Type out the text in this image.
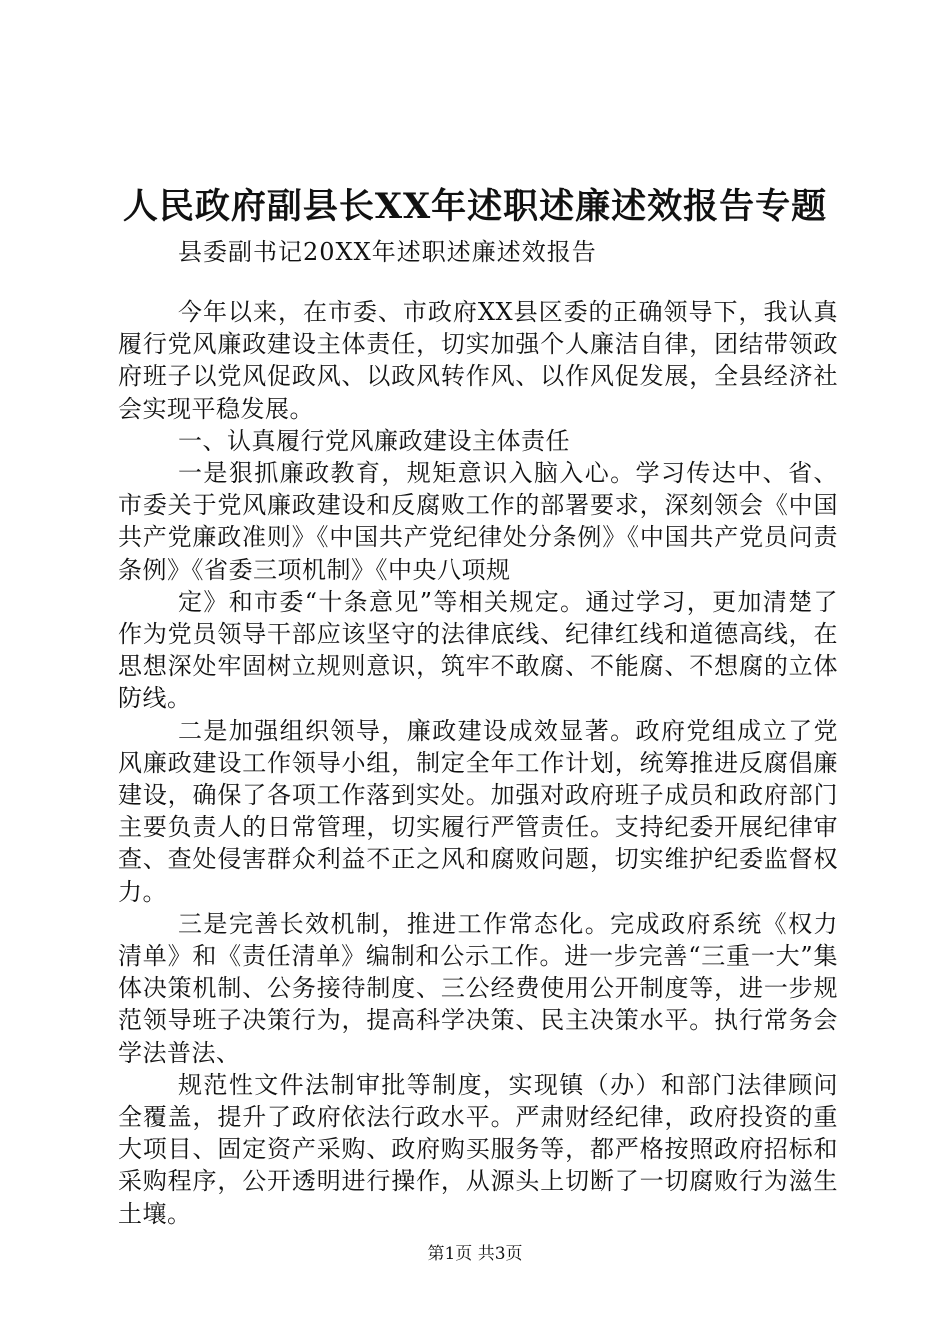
人民政府副县长XX年述职述廉述效报告专题

县委副书记20XX年述职述廉述效报告

今年以来，在市委、市政府XX县区委的正确领导下，我认真履行党风廉政建设主体责任，切实加强个人廉洁自律，团结带领政府班子以党风促政风、以政风转作风、以作风促发展，全县经济社会实现平稳发展。

一、认真履行党风廉政建设主体责任

一是狠抓廉政教育，规矩意识入脑入心。学习传达中、省、市委关于党风廉政建设和反腐败工作的部署要求，深刻领会《中国共产党廉政准则》《中国共产党纪律处分条例》《中国共产党员问责条例》《省委三项机制》《中央八项规

定》和市委“十条意见”等相关规定。通过学习，更加清楚了作为党员领导干部应该坚守的法律底线、纪律红线和道德高线，在思想深处牢固树立规则意识，筑牢不敢腐、不能腐、不想腐的立体防线。

二是加强组织领导，廉政建设成效显著。政府党组成立了党风廉政建设工作领导小组，制定全年工作计划，统筹推进反腐倡廉建设，确保了各项工作落到实处。加强对政府班子成员和政府部门主要负责人的日常管理，切实履行严管责任。支持纪委开展纪律审查、查处侵害群众利益不正之风和腐败问题，切实维护纪委监督权力。

三是完善长效机制，推进工作常态化。完成政府系统《权力清单》和《责任清单》编制和公示工作。进一步完善“三重一大”集体决策机制、公务接待制度、三公经费使用公开制度等，进一步规范领导班子决策行为，提高科学决策、民主决策水平。执行常务会学法普法、

规范性文件法制审批等制度，实现镇（办）和部门法律顾问全覆盖，提升了政府依法行政水平。严肃财经纪律，政府投资的重大项目、固定资产采购、政府购买服务等，都严格按照政府招标和采购程序，公开透明进行操作，从源头上切断了一切腐败行为滋生土壤。

第1页 共3页
